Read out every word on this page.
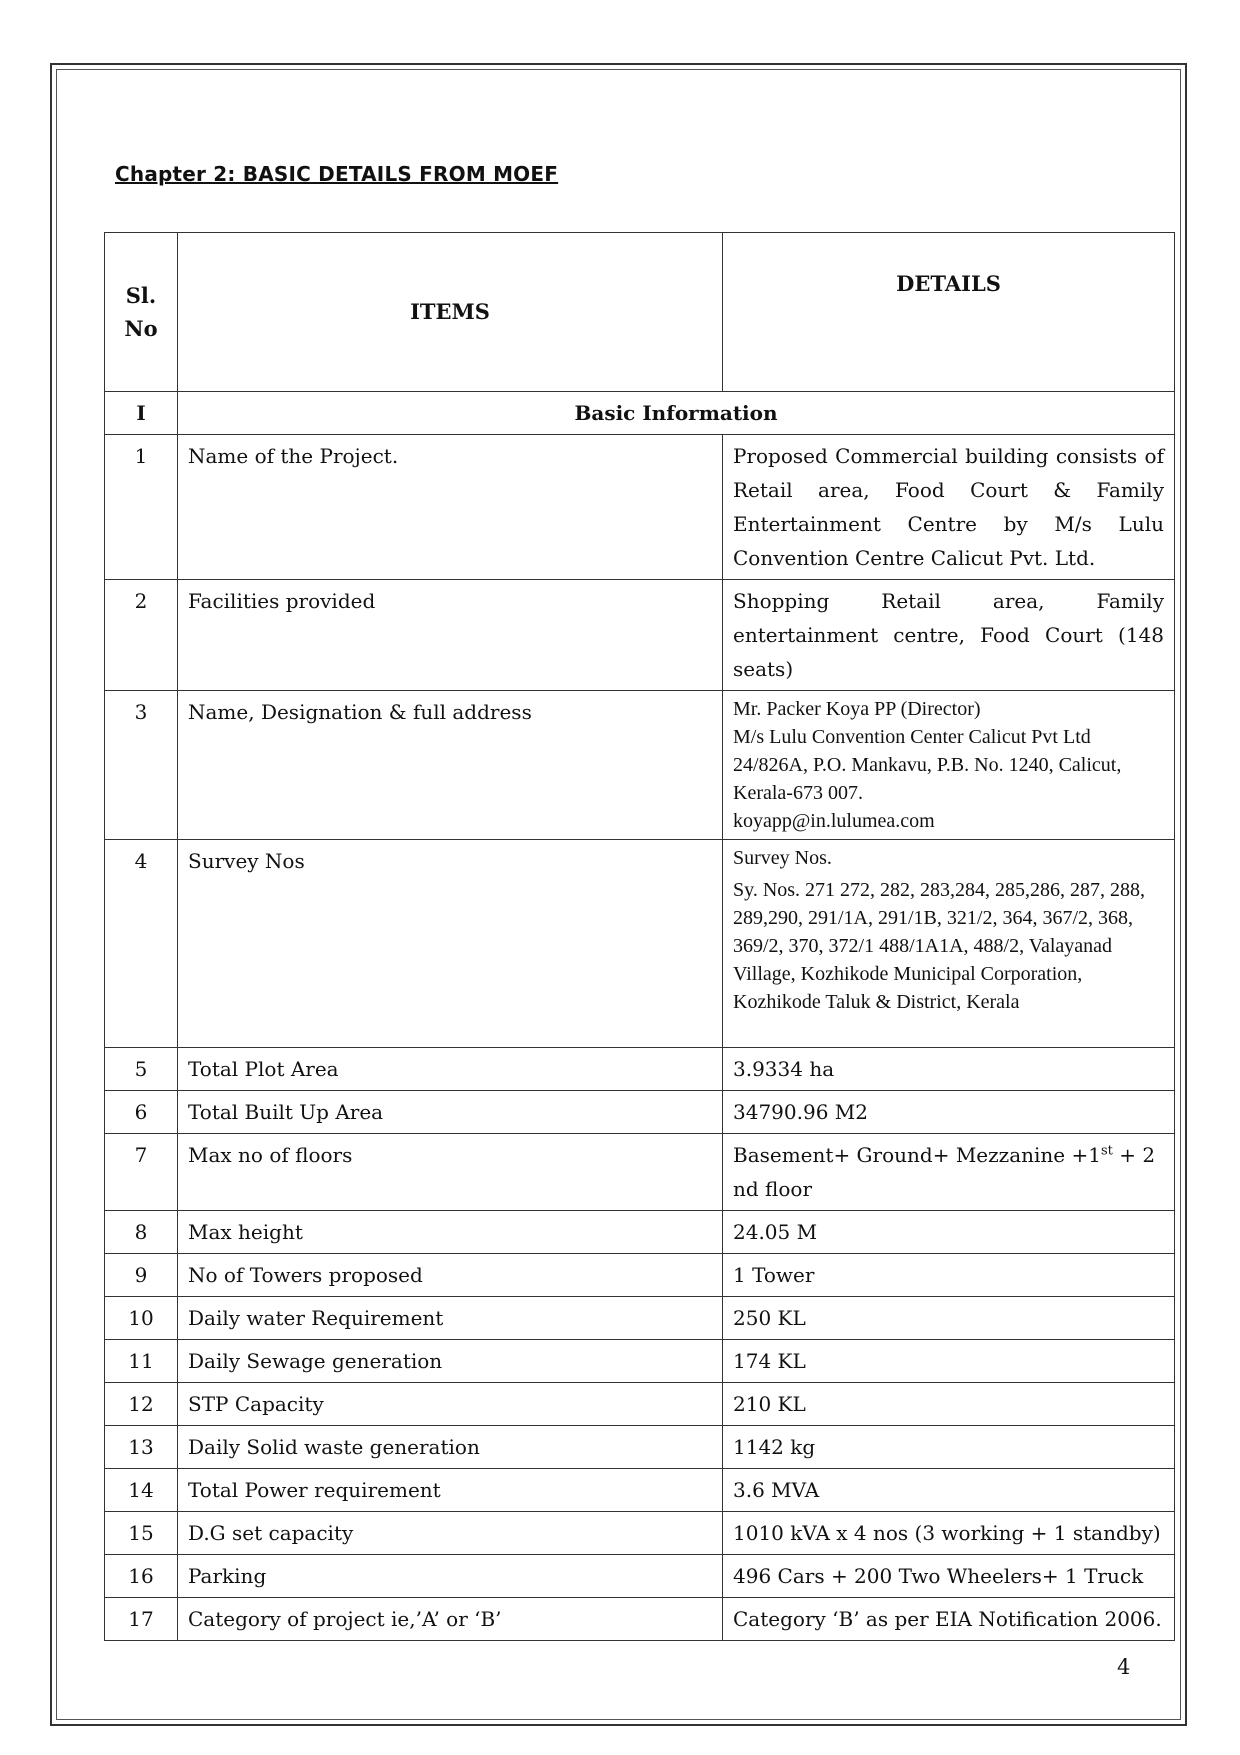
Chapter 2: BASIC DETAILS FROM MOEF
Sl.
No	ITEMS	DETAILS
I	Basic Information	
1	Name of the Project.	Proposed Commercial building consists of Retail area, Food Court & Family Entertainment Centre by M/s Lulu Convention Centre Calicut Pvt. Ltd.
2	Facilities provided	Shopping Retail area, Family entertainment centre, Food Court (148 seats)
3	Name, Designation & full address	Mr. Packer Koya PP (Director)
M/s Lulu Convention Center Calicut Pvt Ltd 24/826A, P.O. Mankavu, P.B. No. 1240, Calicut, Kerala-673 007.
koyapp@in.lulumea.com

4	Survey Nos	Survey Nos.
Sy. Nos. 271 272, 282, 283,284, 285,286, 287, 288, 289,290, 291/1A, 291/1B, 321/2, 364, 367/2, 368, 369/2, 370, 372/1 488/1A1A, 488/2, Valayanad Village, Kozhikode Municipal Corporation, Kozhikode Taluk & District, Kerala

5	Total Plot Area	3.9334 ha
6	Total Built Up Area	34790.96 M2
7	Max no of floors	Basement+ Ground+ Mezzanine +1st + 2 nd floor
8	Max height	24.05 M
9	No of Towers proposed	1 Tower
10	Daily water Requirement	250 KL
11	Daily Sewage generation	174 KL
12	STP Capacity	210 KL
13	Daily Solid waste generation	1142 kg
14	Total Power requirement	3.6 MVA
15	D.G set capacity	1010 kVA x 4 nos (3 working + 1 standby)
16	Parking	496 Cars + 200 Two Wheelers+ 1 Truck
17	Category of project ie,’A’ or ‘B’	Category ‘B’ as per EIA Notification 2006.
4
